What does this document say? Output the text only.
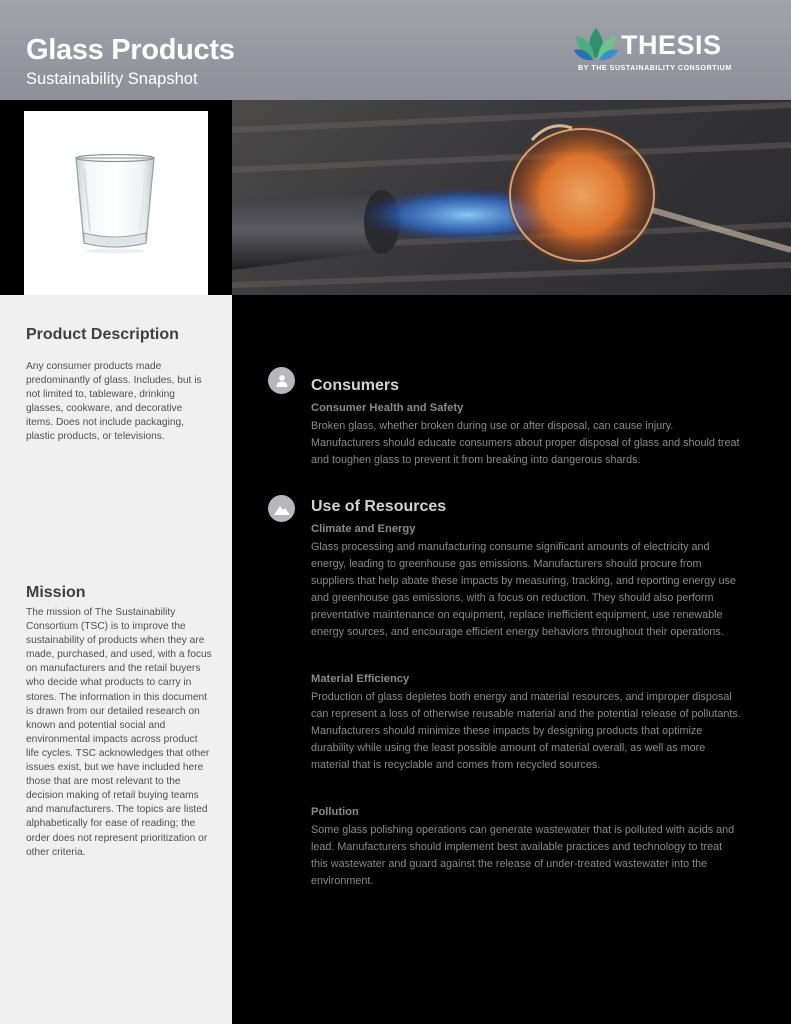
Glass Products
Sustainability Snapshot
THESIS
BY THE SUSTAINABILITY CONSORTIUM
Product Description
Any consumer products made predominantly of glass. Includes, but is not limited to, tableware, drinking glasses, cookware, and decorative items. Does not include packaging, plastic products, or televisions.
Mission
The mission of The Sustainability Consortium (TSC) is to improve the sustainability of products when they are made, purchased, and used, with a focus on manufacturers and the retail buyers who decide what products to carry in stores. The information in this document is drawn from our detailed research on known and potential social and environmental impacts across product life cycles. TSC acknowledges that other issues exist, but we have included here those that are most relevant to the decision making of retail buying teams and manufacturers. The topics are listed alphabetically for ease of reading; the order does not represent prioritization or other criteria.
Consumers
Consumer Health and Safety
Broken glass, whether broken during use or after disposal, can cause injury. Manufacturers should educate consumers about proper disposal of glass and should treat and toughen glass to prevent it from breaking into dangerous shards.
Use of Resources
Climate and Energy
Glass processing and manufacturing consume significant amounts of electricity and energy, leading to greenhouse gas emissions. Manufacturers should procure from suppliers that help abate these impacts by measuring, tracking, and reporting energy use and greenhouse gas emissions, with a focus on reduction. They should also perform preventative maintenance on equipment, replace inefficient equipment, use renewable energy sources, and encourage efficient energy behaviors throughout their operations.
Material Efficiency
Production of glass depletes both energy and material resources, and improper disposal can represent a loss of otherwise reusable material and the potential release of pollutants. Manufacturers should minimize these impacts by designing products that optimize durability while using the least possible amount of material overall, as well as more material that is recyclable and comes from recycled sources.
Pollution
Some glass polishing operations can generate wastewater that is polluted with acids and lead. Manufacturers should implement best available practices and technology to treat this wastewater and guard against the release of under-treated wastewater into the environment.
